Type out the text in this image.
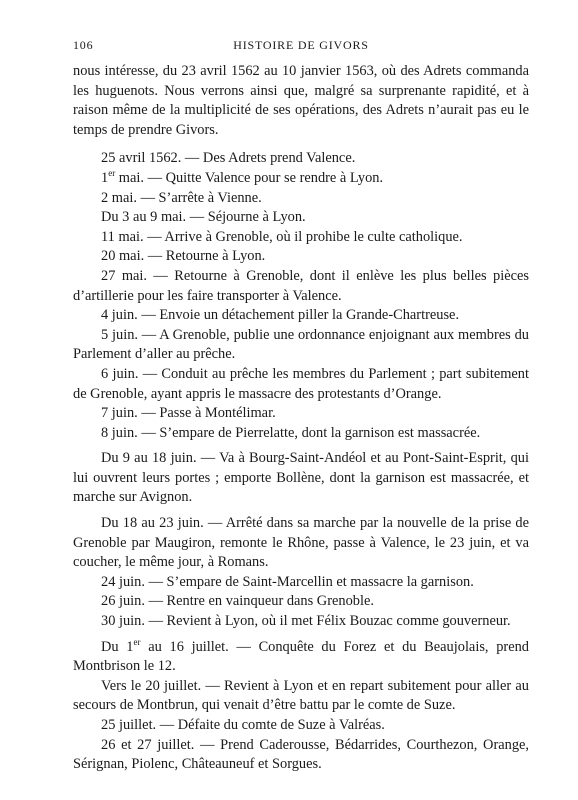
106	HISTOIRE DE GIVORS

nous intéresse, du 23 avril 1562 au 10 janvier 1563, où des Adrets commanda les huguenots. Nous verrons ainsi que, malgré sa surprenante rapidité, et à raison même de la multiplicité de ses opérations, des Adrets n’aurait pas eu le temps de prendre Givors.

25 avril 1562. — Des Adrets prend Valence.

1er mai. — Quitte Valence pour se rendre à Lyon.

2 mai. — S’arrête à Vienne.

Du 3 au 9 mai. — Séjourne à Lyon.

11 mai. — Arrive à Grenoble, où il prohibe le culte catholique.

20 mai. — Retourne à Lyon.

27 mai. — Retourne à Grenoble, dont il enlève les plus belles pièces d’artillerie pour les faire transporter à Valence.

4 juin. — Envoie un détachement piller la Grande-Chartreuse.

5 juin. — A Grenoble, publie une ordonnance enjoignant aux membres du Parlement d’aller au prêche.

6 juin. — Conduit au prêche les membres du Parlement ; part subitement de Grenoble, ayant appris le massacre des protestants d’Orange.

7 juin. — Passe à Montélimar.

8 juin. — S’empare de Pierrelatte, dont la garnison est massacrée.

Du 9 au 18 juin. — Va à Bourg-Saint-Andéol et au Pont-Saint-Esprit, qui lui ouvrent leurs portes ; emporte Bollène, dont la garnison est massacrée, et marche sur Avignon.

Du 18 au 23 juin. — Arrêté dans sa marche par la nouvelle de la prise de Grenoble par Maugiron, remonte le Rhône, passe à Valence, le 23 juin, et va coucher, le même jour, à Romans.

24 juin. — S’empare de Saint-Marcellin et massacre la garnison.

26 juin. — Rentre en vainqueur dans Grenoble.

30 juin. — Revient à Lyon, où il met Félix Bouzac comme gouverneur.

Du 1er au 16 juillet. — Conquête du Forez et du Beaujolais, prend Montbrison le 12.

Vers le 20 juillet. — Revient à Lyon et en repart subitement pour aller au secours de Montbrun, qui venait d’être battu par le comte de Suze.

25 juillet. — Défaite du comte de Suze à Valréas.

26 et 27 juillet. — Prend Caderousse, Bédarrides, Courthezon, Orange, Sérignan, Piolenc, Châteauneuf et Sorgues.
